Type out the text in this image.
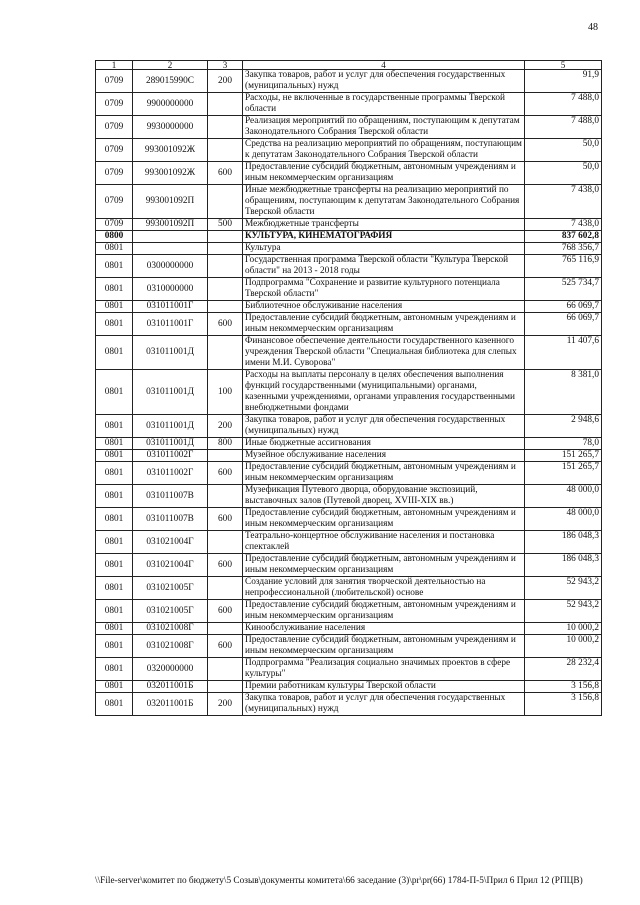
48
1	2	3	4	5
0709	289015990С	200	Закупка товаров, работ и услуг для обеспечения государственных (муниципальных) нужд	91,9
0709	9900000000		Расходы, не включенные в государственные программы Тверской области	7 488,0
0709	9930000000		Реализация мероприятий по обращениям, поступающим к депутатам Законодательного Собрания Тверской области	7 488,0
0709	993001092Ж		Средства на реализацию мероприятий по обращениям, поступающим к депутатам Законодательного Собрания Тверской области	50,0
0709	993001092Ж	600	Предоставление субсидий бюджетным, автономным учреждениям и иным некоммерческим организациям	50,0
0709	993001092П		Иные межбюджетные трансферты на реализацию мероприятий по обращениям, поступающим к депутатам Законодательного Собрания Тверской области	7 438,0
0709	993001092П	500	Межбюджетные трансферты	7 438,0
0800			КУЛЬТУРА, КИНЕМАТОГРАФИЯ	837 602,8
0801			Культура	768 356,7
0801	0300000000		Государственная программа Тверской области "Культура Тверской области" на 2013 - 2018 годы	765 116,9
0801	0310000000		Подпрограмма "Сохранение и развитие культурного потенциала Тверской области"	525 734,7
0801	031011001Г		Библиотечное обслуживание населения	66 069,7
0801	031011001Г	600	Предоставление субсидий бюджетным, автономным учреждениям и иным некоммерческим организациям	66 069,7
0801	031011001Д		Финансовое обеспечение деятельности государственного казенного учреждения Тверской области "Специальная библиотека для слепых имени М.И. Суворова"	11 407,6
0801	031011001Д	100	Расходы на выплаты персоналу в целях обеспечения выполнения функций государственными (муниципальными) органами, казенными учреждениями, органами управления государственными внебюджетными фондами	8 381,0
0801	031011001Д	200	Закупка товаров, работ и услуг для обеспечения государственных (муниципальных) нужд	2 948,6
0801	031011001Д	800	Иные бюджетные ассигнования	78,0
0801	031011002Г		Музейное обслуживание населения	151 265,7
0801	031011002Г	600	Предоставление субсидий бюджетным, автономным учреждениям и иным некоммерческим организациям	151 265,7
0801	031011007В		Музефикация Путевого дворца, оборудование экспозиций, выставочных залов (Путевой дворец, XVIII-XIX вв.)	48 000,0
0801	031011007В	600	Предоставление субсидий бюджетным, автономным учреждениям и иным некоммерческим организациям	48 000,0
0801	031021004Г		Театрально-концертное обслуживание населения и постановка спектаклей	186 048,3
0801	031021004Г	600	Предоставление субсидий бюджетным, автономным учреждениям и иным некоммерческим организациям	186 048,3
0801	031021005Г		Создание условий для занятия творческой деятельностью на непрофессиональной (любительской) основе	52 943,2
0801	031021005Г	600	Предоставление субсидий бюджетным, автономным учреждениям и иным некоммерческим организациям	52 943,2
0801	031021008Г		Кинообслуживание населения	10 000,2
0801	031021008Г	600	Предоставление субсидий бюджетным, автономным учреждениям и иным некоммерческим организациям	10 000,2
0801	0320000000		Подпрограмма "Реализация социально значимых проектов в сфере культуры"	28 232,4
0801	032011001Б		Премии работникам культуры Тверской области	3 156,8
0801	032011001Б	200	Закупка товаров, работ и услуг для обеспечения государственных (муниципальных) нужд	3 156,8
\\File-server\комитет по бюджету\5 Созыв\документы комитета\66 заседание (3)\pr\pr(66) 1784-П-5\Прил 6 Прил 12 (РПЦВ)
